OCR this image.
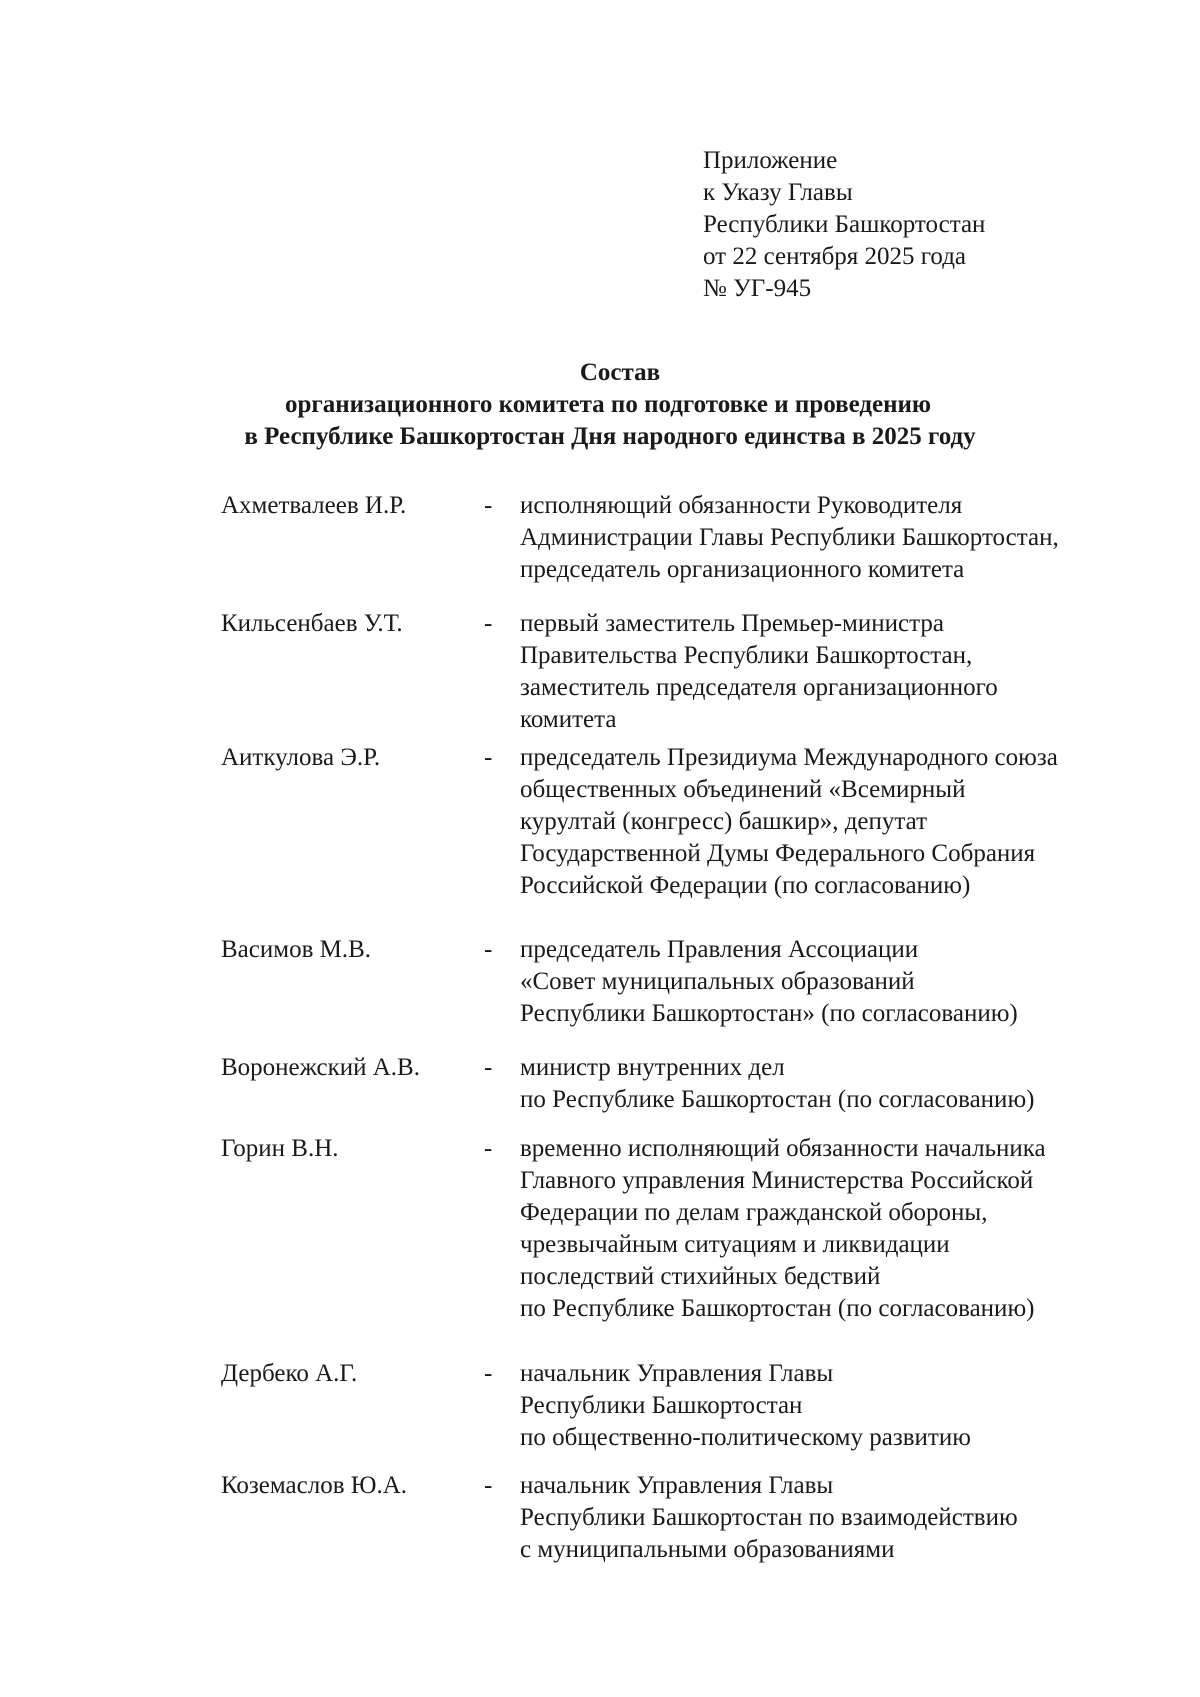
Приложение
к Указу Главы
Республики Башкортостан
от 22 сентября 2025 года
№ УГ-945
Состав
организационного комитета по подготовке и проведению
в Республике Башкортостан Дня народного единства в 2025 году
Ахметвалеев И.Р.	- исполняющий обязанности Руководителя
Администрации Главы Республики Башкортостан,
председатель организационного комитета
Кильсенбаев У.Т.	- первый заместитель Премьер-министра
Правительства Республики Башкортостан,
заместитель председателя организационного
комитета
Аиткулова Э.Р.	- председатель Президиума Международного союза
общественных объединений «Всемирный
курултай (конгресс) башкир», депутат
Государственной Думы Федерального Собрания
Российской Федерации (по согласованию)
Васимов М.В.	- председатель Правления Ассоциации
«Совет муниципальных образований
Республики Башкортостан» (по согласованию)
Воронежский А.В.	- министр внутренних дел
по Республике Башкортостан (по согласованию)
Горин В.Н.	- временно исполняющий обязанности начальника
Главного управления Министерства Российской
Федерации по делам гражданской обороны,
чрезвычайным ситуациям и ликвидации
последствий стихийных бедствий
по Республике Башкортостан (по согласованию)
Дербеко А.Г.	- начальник Управления Главы
Республики Башкортостан
по общественно-политическому развитию
Коземаслов Ю.А.	- начальник Управления Главы
Республики Башкортостан по взаимодействию
с муниципальными образованиями
